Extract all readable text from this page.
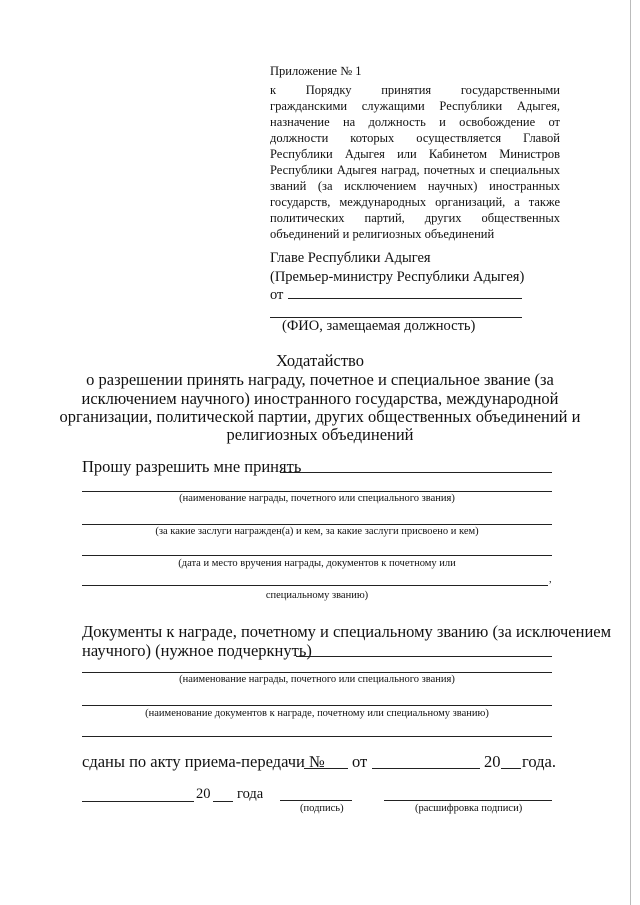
Приложение № 1
к Порядку принятия государственными
гражданскими служащими Республики Адыгея,
назначение на должность и освобождение от
должности которых осуществляется Главой
Республики Адыгея или Кабинетом Министров
Республики Адыгея наград, почетных и специальных
званий (за исключением научных) иностранных
государств, международных организаций, а также
политических партий, других общественных
объединений и религиозных объединений
Главе Республики Адыгея
(Премьер-министру Республики Адыгея)
от
(ФИО, замещаемая должность)
Ходатайство
о разрешении принять награду, почетное и специальное звание (за
исключением научного) иностранного государства, международной
организации, политической партии, других общественных объединений и
религиозных объединений
Прошу разрешить мне принять
(наименование награды, почетного или специального звания)
(за какие заслуги награжден(а) и кем, за какие заслуги присвоено и кем)
(дата и место вручения награды, документов к почетному или
,
специальному званию)
Документы к награде, почетному и специальному званию (за исключением
научного) (нужное подчеркнуть)
(наименование награды, почетного или специального звания)
(наименование документов к награде, почетному или специальному званию)
сданы по акту приема-передачи № от	20 года.
20 года
(подпись)	(расшифровка подписи)
